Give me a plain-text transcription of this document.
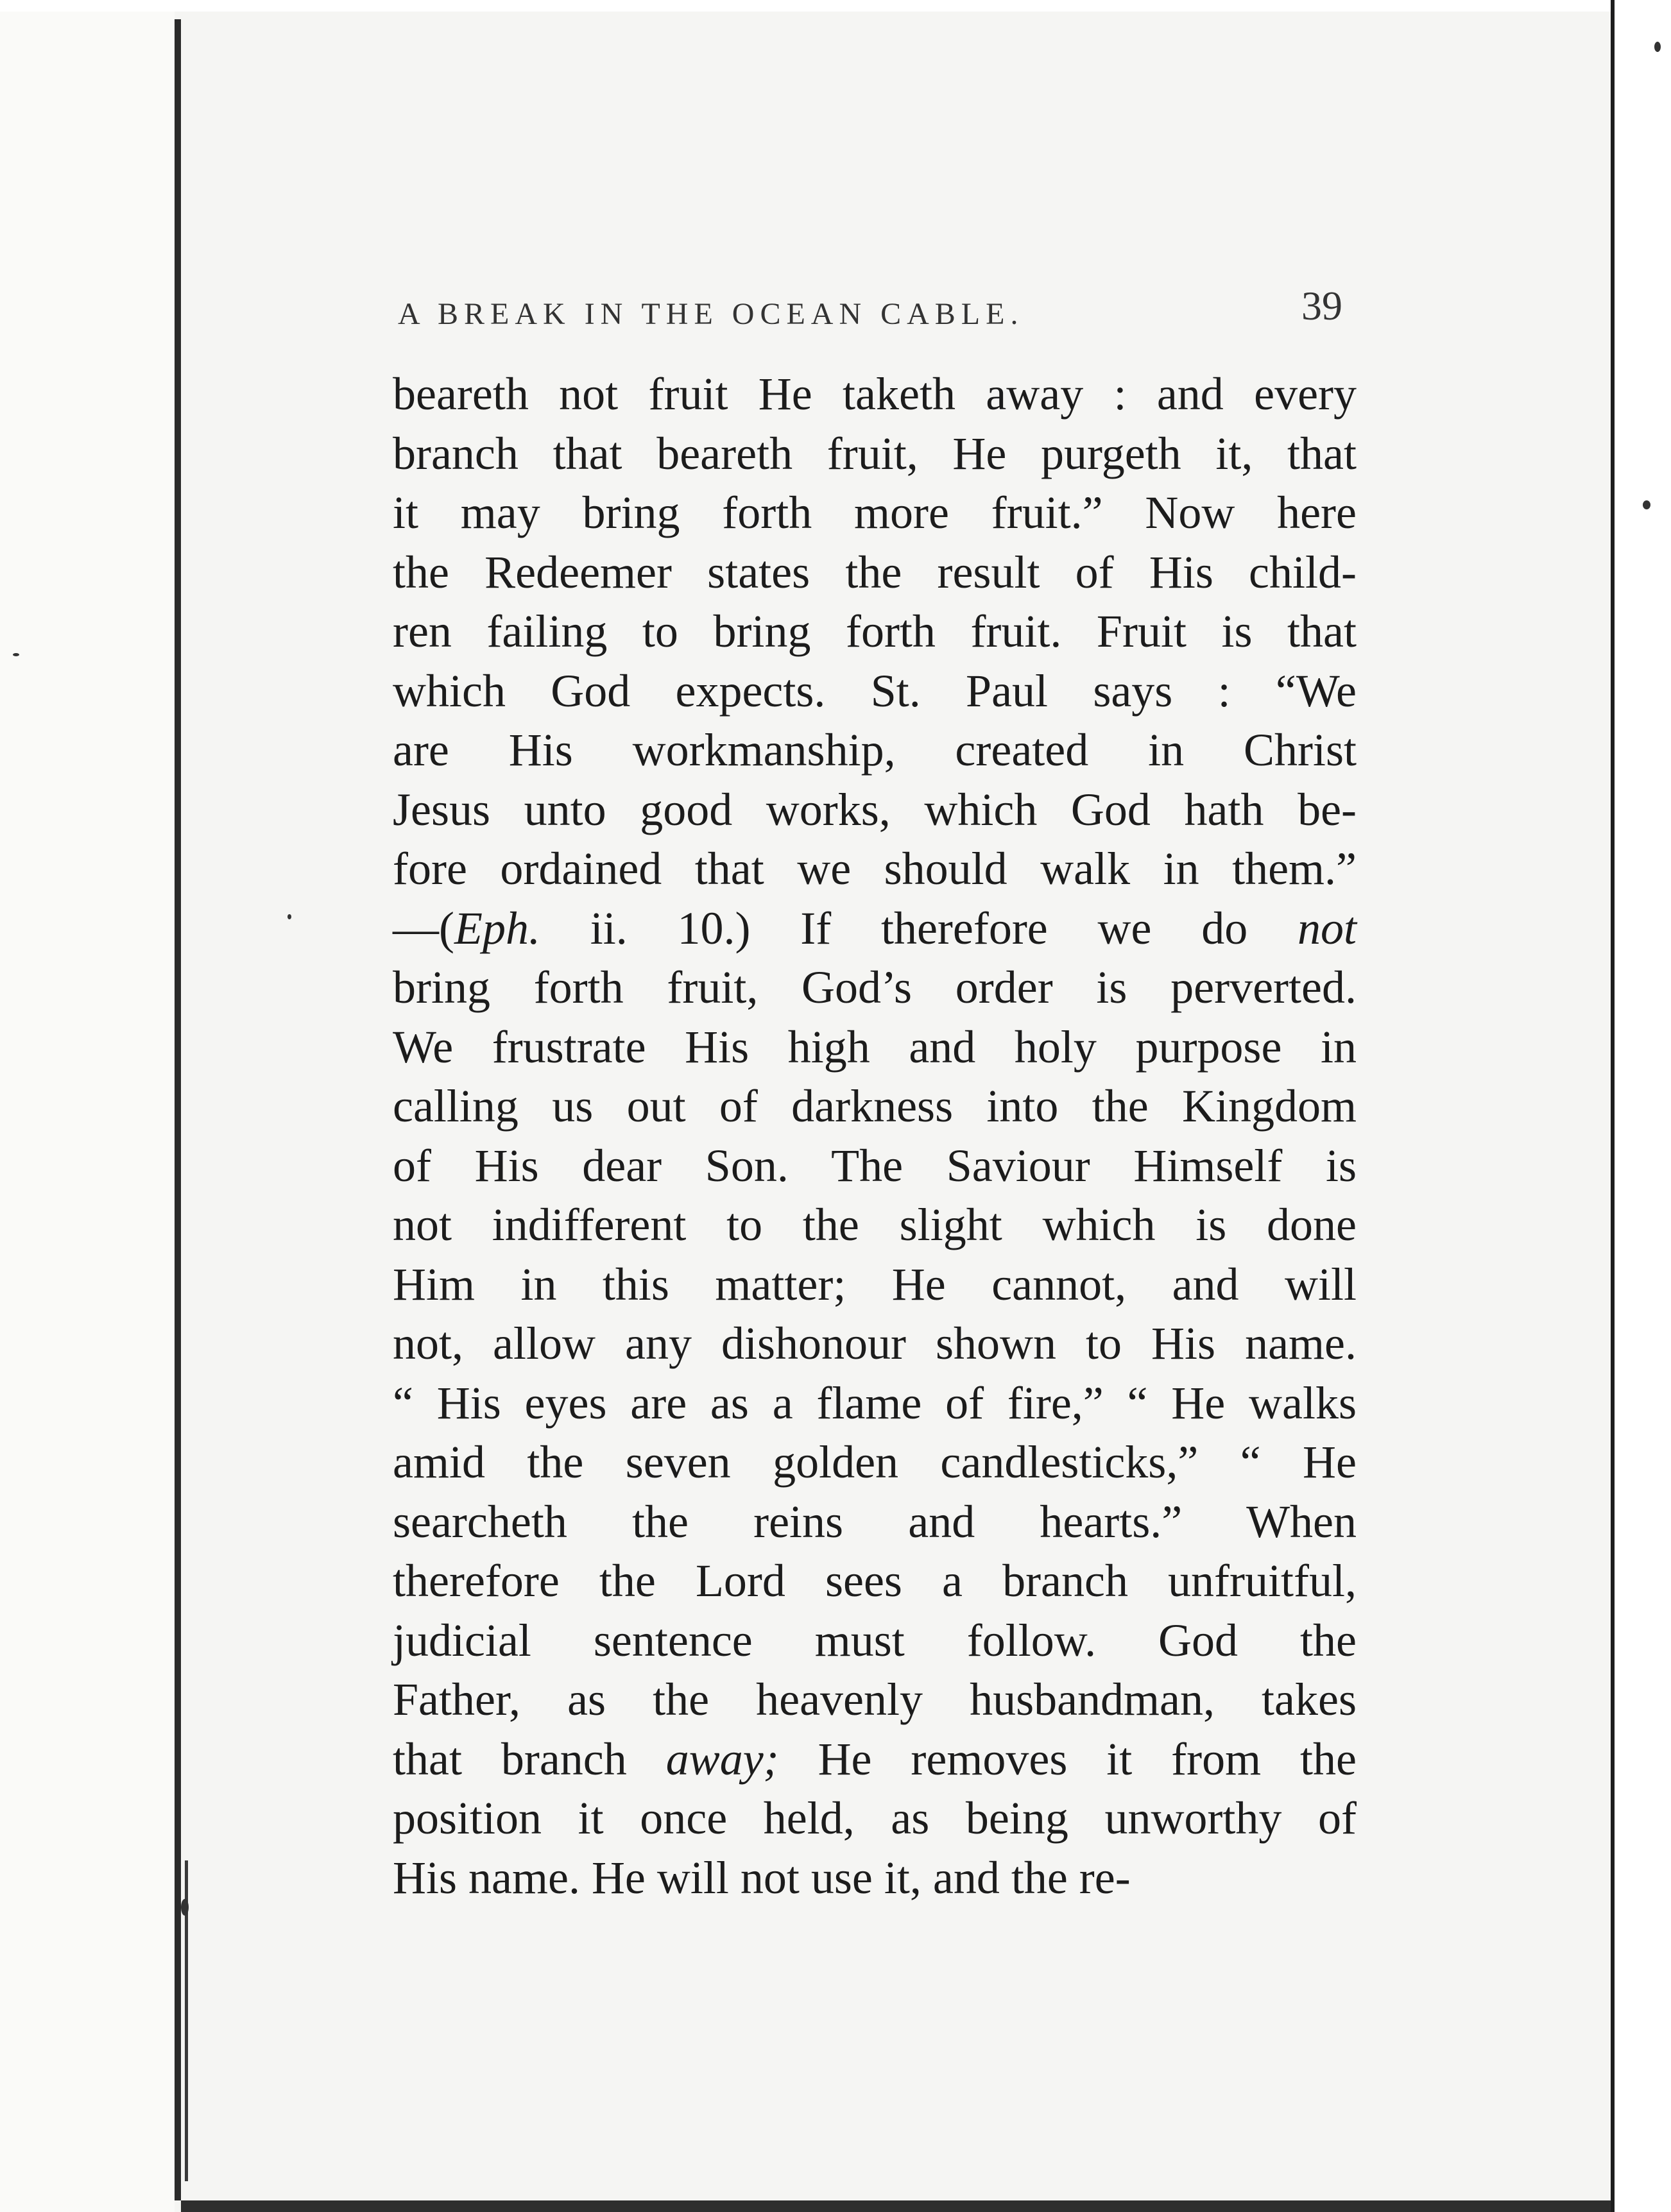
A BREAK IN THE OCEAN CABLE.	39
beareth not fruit He taketh away : and every
branch that beareth fruit, He purgeth it, that
it may bring forth more fruit.” Now here
the Redeemer states the result of His child-
ren failing to bring forth fruit. Fruit is that
which God expects. St. Paul says : “We
are His workmanship, created in Christ
Jesus unto good works, which God hath be-
fore ordained that we should walk in them.”
—(Eph. ii. 10.) If therefore we do not
bring forth fruit, God’s order is perverted.
We frustrate His high and holy purpose in
calling us out of darkness into the Kingdom
of His dear Son. The Saviour Himself is
not indifferent to the slight which is done
Him in this matter; He cannot, and will
not, allow any dishonour shown to His name.
“ His eyes are as a flame of fire,” “ He walks
amid the seven golden candlesticks,” “ He
searcheth the reins and hearts.” When
therefore the Lord sees a branch unfruitful,
judicial sentence must follow. God the
Father, as the heavenly husbandman, takes
that branch away; He removes it from the
position it once held, as being unworthy of
His name. He will not use it, and the re-
